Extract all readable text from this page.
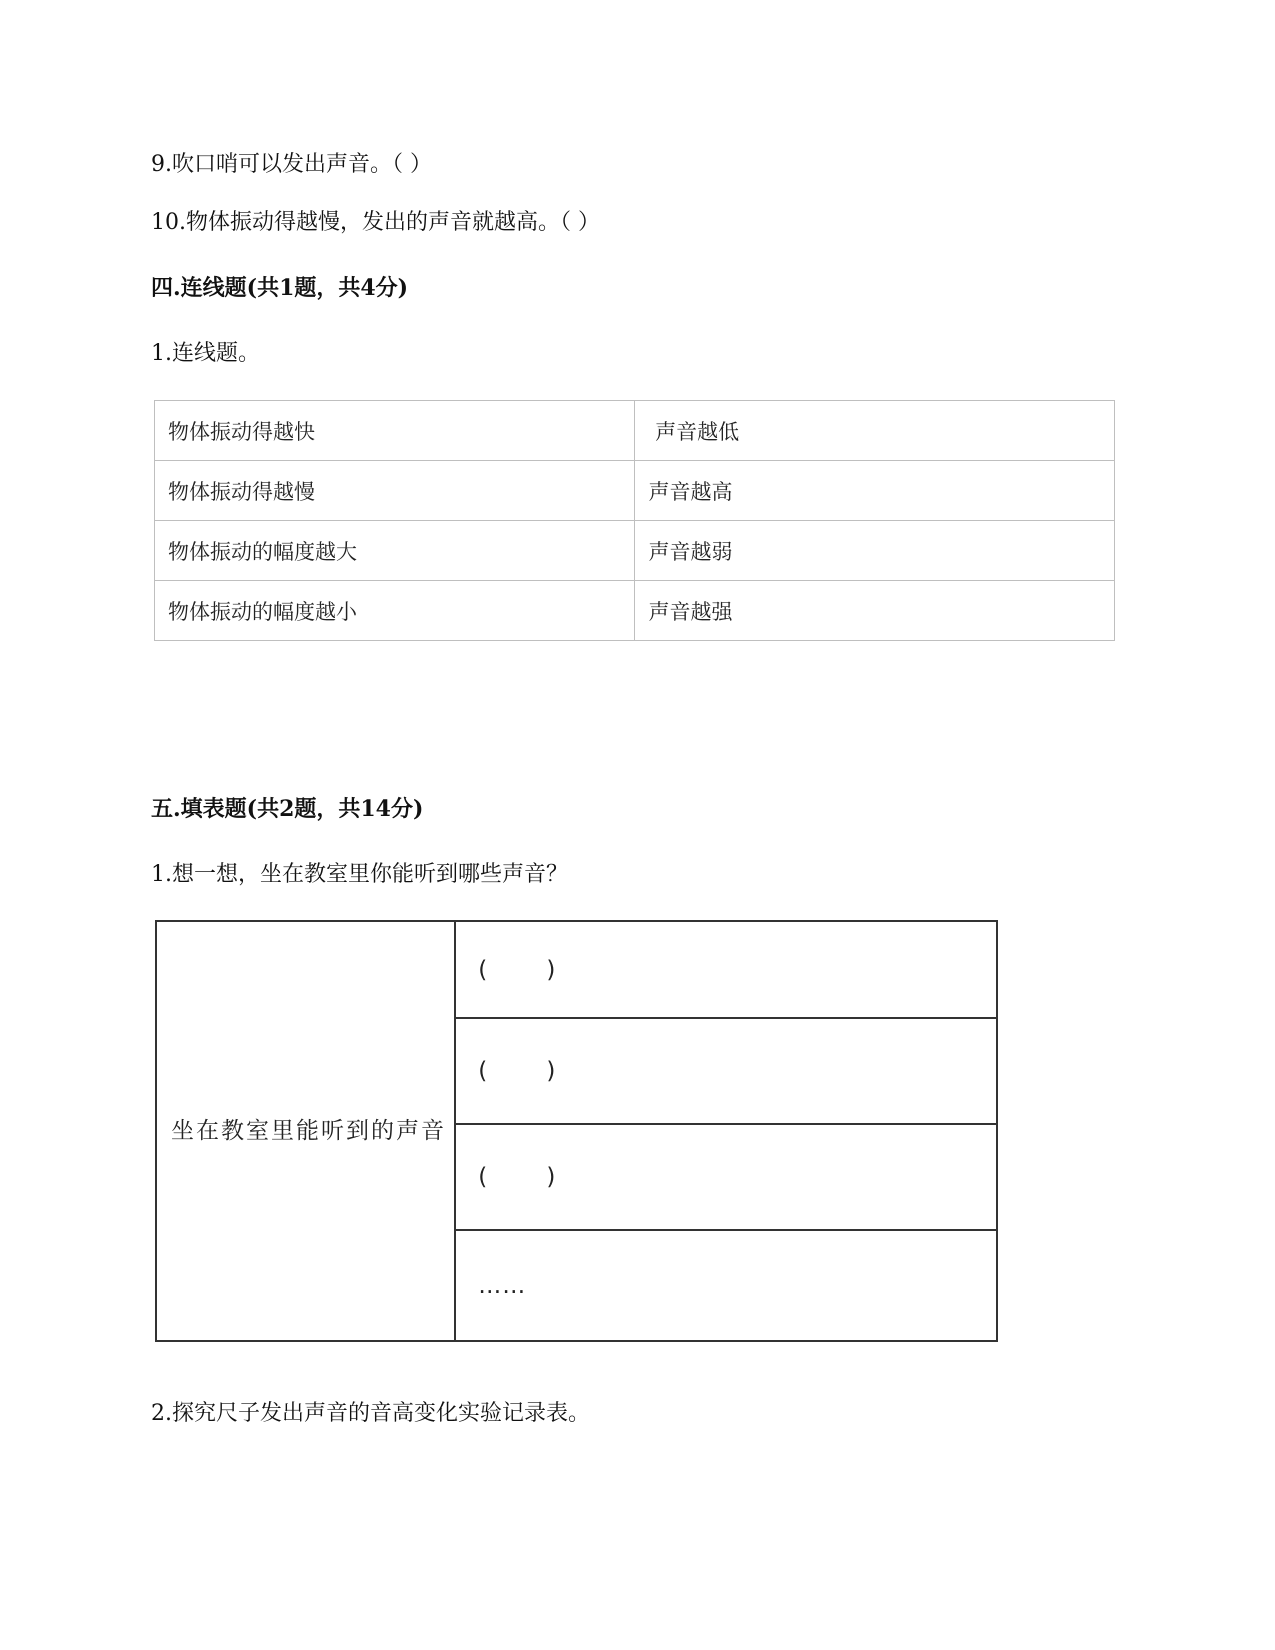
9.吹口哨可以发出声音。（ ）
10.物体振动得越慢，发出的声音就越高。（ ）
四.连线题(共1题，共4分)
1.连线题。
物体振动得越快	声音越低
物体振动得越慢	声音越高
物体振动的幅度越大	声音越弱
物体振动的幅度越小	声音越强
五.填表题(共2题，共14分)
1.想一想，坐在教室里你能听到哪些声音？
坐在教室里能听到的声音	(       )
(       )
(       )
……
2.探究尺子发出声音的音高变化实验记录表。
